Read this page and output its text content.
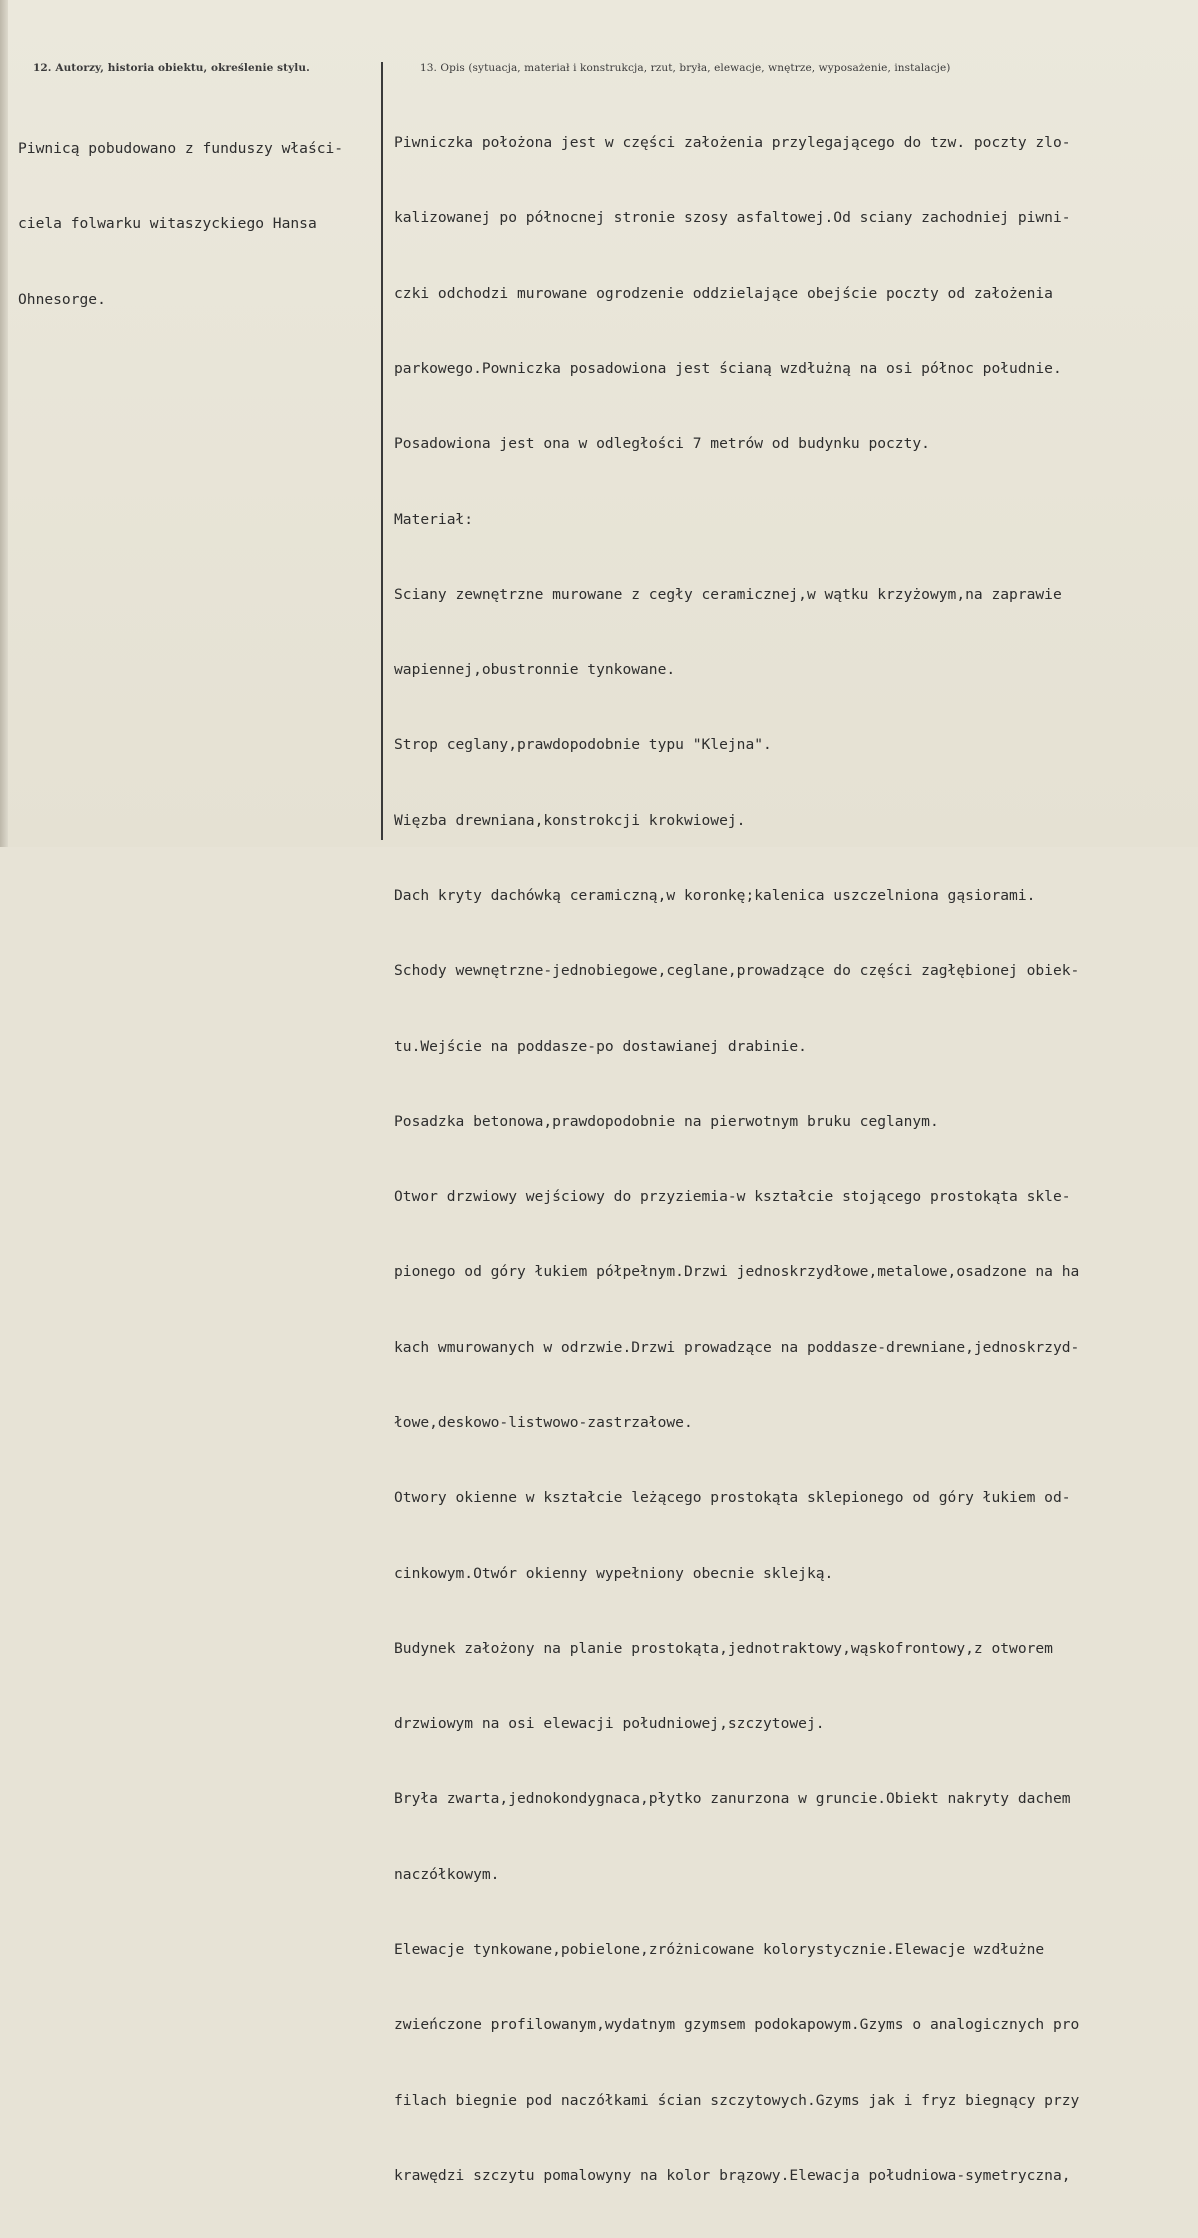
12. Autorzy, historia obiektu, określenie stylu.	13. Opis (sytuacja, materiał i konstrukcja, rzut, bryła, elewacje, wnętrze, wyposażenie, instalacje)

Piwnicą pobudowano z funduszy właści-

ciela folwarku witaszyckiego Hansa

Ohnesorge.

Piwniczka położona jest w części założenia przylegającego do tzw. poczty zlo-

kalizowanej po północnej stronie szosy asfaltowej.Od sciany zachodniej piwni-

czki odchodzi murowane ogrodzenie oddzielające obejście poczty od założenia

parkowego.Powniczka posadowiona jest ścianą wzdłużną na osi północ południe.

Posadowiona jest ona w odległości 7 metrów od budynku poczty.

Materiał:

Sciany zewnętrzne murowane z cegły ceramicznej,w wątku krzyżowym,na zaprawie

wapiennej,obustronnie tynkowane.

Strop ceglany,prawdopodobnie typu "Klejna".

Więzba drewniana,konstrokcji krokwiowej.

Dach kryty dachówką ceramiczną,w koronkę;kalenica uszczelniona gąsiorami.

Schody wewnętrzne-jednobiegowe,ceglane,prowadzące do części zagłębionej obiek-

tu.Wejście na poddasze-po dostawianej drabinie.

Posadzka betonowa,prawdopodobnie na pierwotnym bruku ceglanym.

Otwor drzwiowy wejściowy do przyziemia-w kształcie stojącego prostokąta skle-

pionego od góry łukiem półpełnym.Drzwi jednoskrzydłowe,metalowe,osadzone na ha

kach wmurowanych w odrzwie.Drzwi prowadzące na poddasze-drewniane,jednoskrzyd-

łowe,deskowo-listwowo-zastrzałowe.

Otwory okienne w kształcie leżącego prostokąta sklepionego od góry łukiem od-

cinkowym.Otwór okienny wypełniony obecnie sklejką.

Budynek założony na planie prostokąta,jednotraktowy,wąskofrontowy,z otworem

drzwiowym na osi elewacji południowej,szczytowej.

Bryła zwarta,jednokondygnaca,płytko zanurzona w gruncie.Obiekt nakryty dachem

naczółkowym.

Elewacje tynkowane,pobielone,zróżnicowane kolorystycznie.Elewacje wzdłużne

zwieńczone profilowanym,wydatnym gzymsem podokapowym.Gzyms o analogicznych pro

filach biegnie pod naczółkami ścian szczytowych.Gzyms jak i fryz biegnący przy

krawędzi szczytu pomalowyny na kolor brązowy.Elewacja południowa-symetryczna,
